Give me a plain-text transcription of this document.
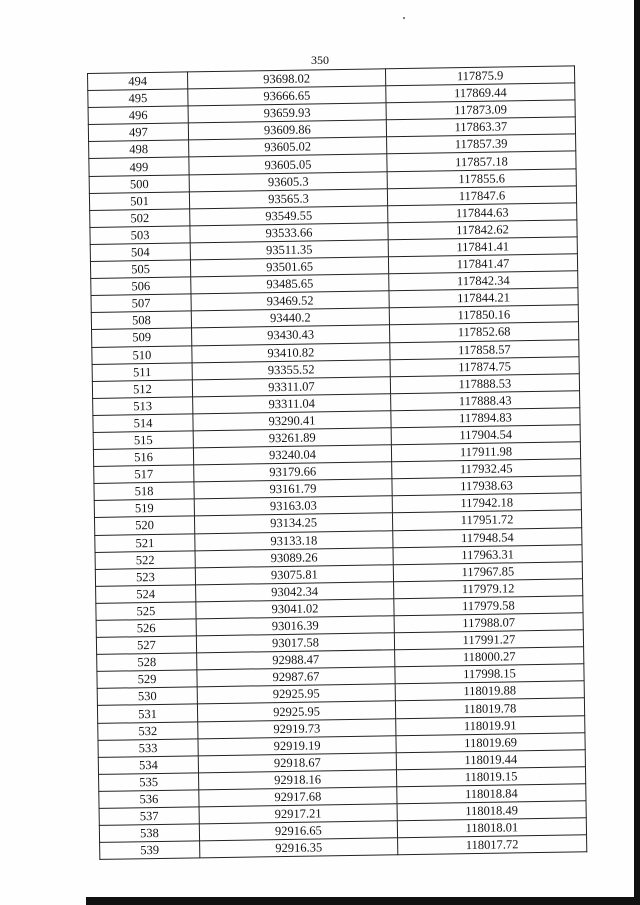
350
494	93698.02	117875.9
495	93666.65	117869.44
496	93659.93	117873.09
497	93609.86	117863.37
498	93605.02	117857.39
499	93605.05	117857.18
500	93605.3	117855.6
501	93565.3	117847.6
502	93549.55	117844.63
503	93533.66	117842.62
504	93511.35	117841.41
505	93501.65	117841.47
506	93485.65	117842.34
507	93469.52	117844.21
508	93440.2	117850.16
509	93430.43	117852.68
510	93410.82	117858.57
511	93355.52	117874.75
512	93311.07	117888.53
513	93311.04	117888.43
514	93290.41	117894.83
515	93261.89	117904.54
516	93240.04	117911.98
517	93179.66	117932.45
518	93161.79	117938.63
519	93163.03	117942.18
520	93134.25	117951.72
521	93133.18	117948.54
522	93089.26	117963.31
523	93075.81	117967.85
524	93042.34	117979.12
525	93041.02	117979.58
526	93016.39	117988.07
527	93017.58	117991.27
528	92988.47	118000.27
529	92987.67	117998.15
530	92925.95	118019.88
531	92925.95	118019.78
532	92919.73	118019.91
533	92919.19	118019.69
534	92918.67	118019.44
535	92918.16	118019.15
536	92917.68	118018.84
537	92917.21	118018.49
538	92916.65	118018.01
539	92916.35	118017.72
